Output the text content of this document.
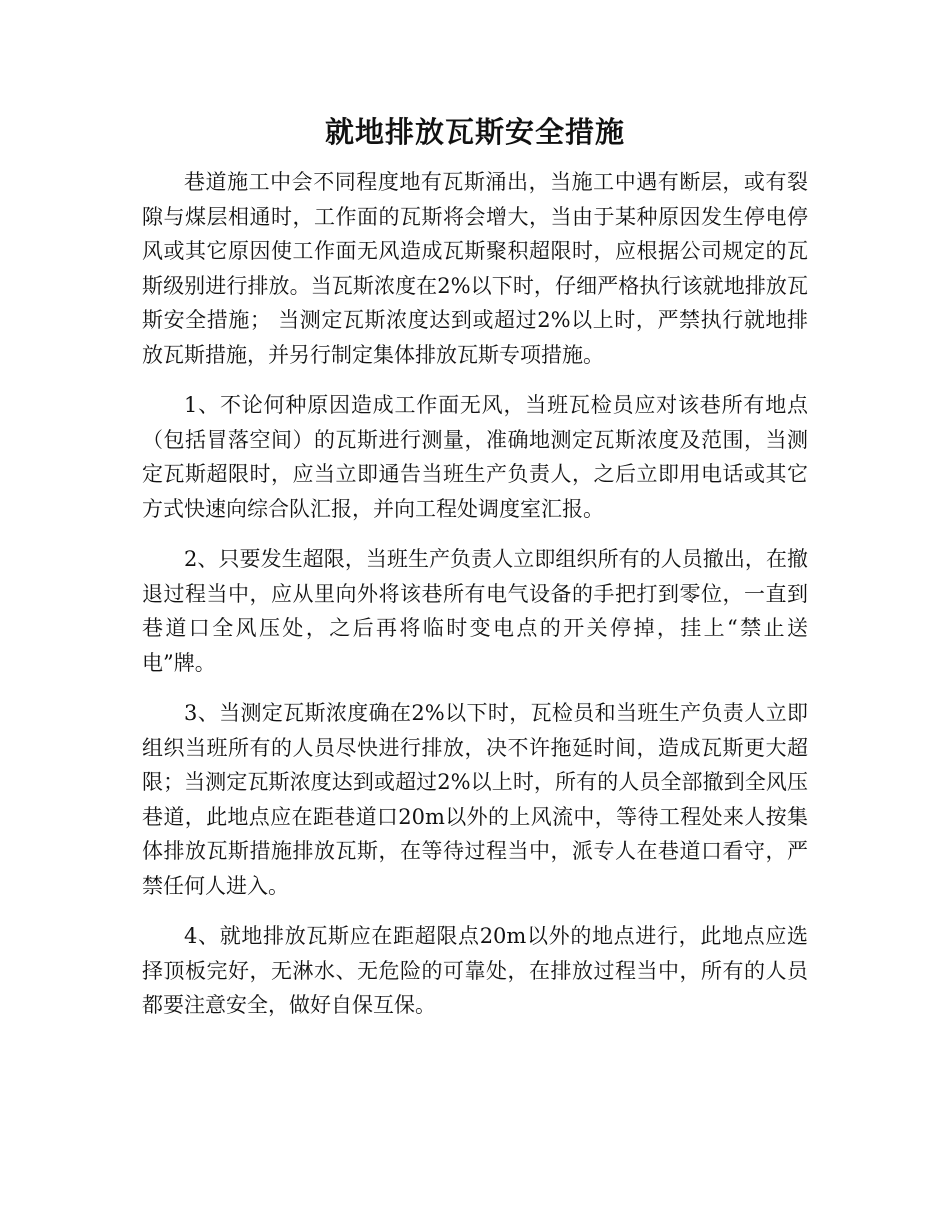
就地排放瓦斯安全措施

巷道施工中会不同程度地有瓦斯涌出，当施工中遇有断层，或有裂隙与煤层相通时，工作面的瓦斯将会增大，当由于某种原因发生停电停风或其它原因使工作面无风造成瓦斯聚积超限时，应根据公司规定的瓦斯级别进行排放。当瓦斯浓度在2%以下时，仔细严格执行该就地排放瓦斯安全措施； 当测定瓦斯浓度达到或超过2%以上时，严禁执行就地排放瓦斯措施，并另行制定集体排放瓦斯专项措施。

1、不论何种原因造成工作面无风，当班瓦检员应对该巷所有地点（包括冒落空间）的瓦斯进行测量，准确地测定瓦斯浓度及范围，当测定瓦斯超限时，应当立即通告当班生产负责人，之后立即用电话或其它方式快速向综合队汇报，并向工程处调度室汇报。

2、只要发生超限，当班生产负责人立即组织所有的人员撤出，在撤退过程当中，应从里向外将该巷所有电气设备的手把打到零位，一直到巷道口全风压处，之后再将临时变电点的开关停掉，挂上“禁止送电”牌。

3、当测定瓦斯浓度确在2%以下时，瓦检员和当班生产负责人立即组织当班所有的人员尽快进行排放，决不许拖延时间，造成瓦斯更大超限；当测定瓦斯浓度达到或超过2%以上时，所有的人员全部撤到全风压巷道，此地点应在距巷道口20m以外的上风流中，等待工程处来人按集体排放瓦斯措施排放瓦斯，在等待过程当中，派专人在巷道口看守，严禁任何人进入。

4、就地排放瓦斯应在距超限点20m以外的地点进行，此地点应选择顶板完好，无淋水、无危险的可靠处，在排放过程当中，所有的人员都要注意安全，做好自保互保。
